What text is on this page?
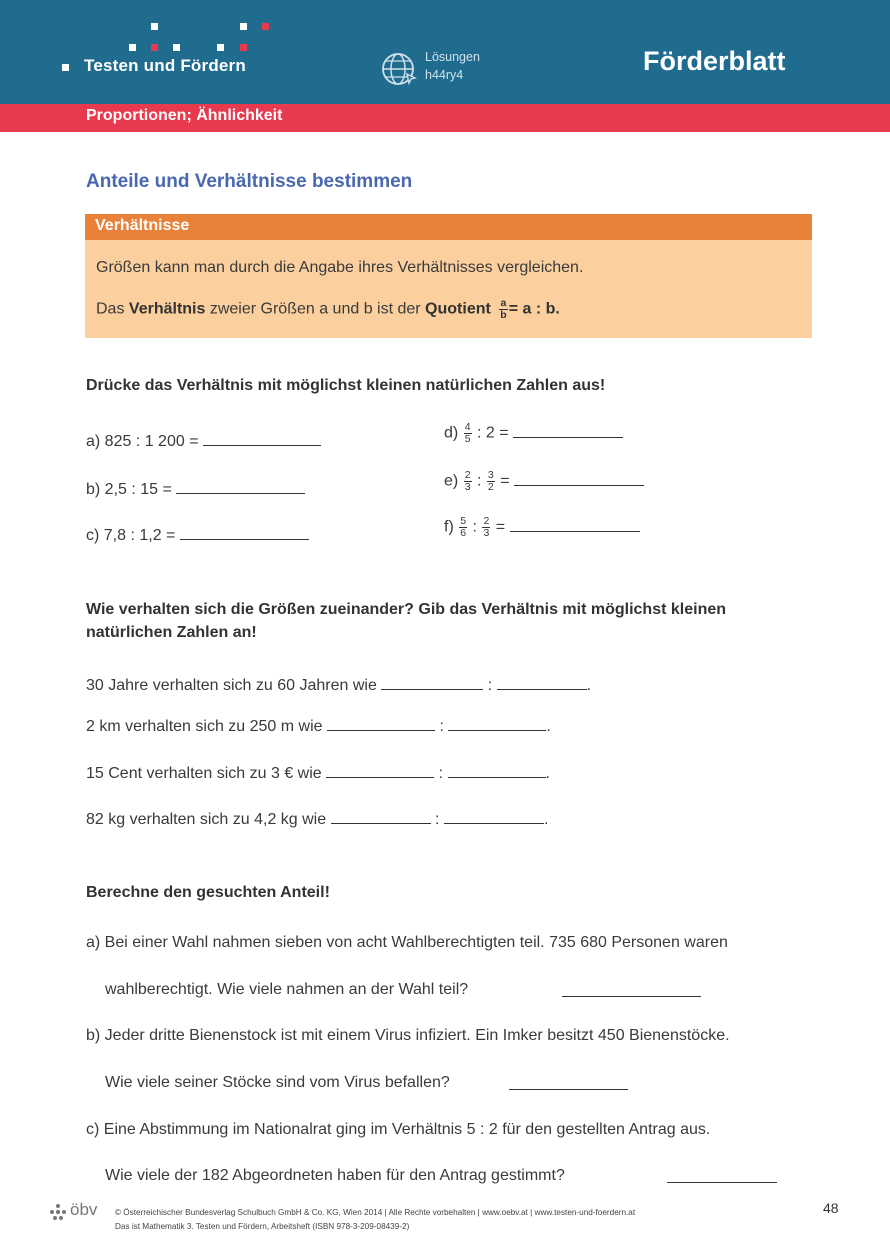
Testen und Fördern	Lösungen
h44ry4	Förderblatt
Proportionen; Ähnlichkeit
Anteile und Verhältnisse bestimmen
Verhältnisse
Größen kann man durch die Angabe ihres Verhältnisses vergleichen.
Das Verhältnis zweier Größen a und b ist der Quotient $\frac{a}{b} = a$ : b.
Drücke das Verhältnis mit möglichst kleinen natürlichen Zahlen aus!
a) 825 : 1 200 =
b) 2,5 : 15 =
c) 7,8 : 1,2 =
$d) \frac{4}{5}$ : 2 =
$e) \frac{2}{3}$ : $\frac{3}{2}$ =
$f) \frac{5}{6}$ : $\frac{2}{3}$ =
Wie verhalten sich die Größen zueinander? Gib das Verhältnis mit möglichst kleinen
natürlichen Zahlen an!
30 Jahre verhalten sich zu 60 Jahren wie	:	.
2 km verhalten sich zu 250 m wie	:	.
15 Cent verhalten sich zu 3 € wie	:	.
82 kg verhalten sich zu 4,2 kg wie	:	.
Berechne den gesuchten Anteil!
a) Bei einer Wahl nahmen sieben von acht Wahlberechtigten teil. 735 680 Personen waren
wahlberechtigt. Wie viele nahmen an der Wahl teil?
b) Jeder dritte Bienenstock ist mit einem Virus infiziert. Ein Imker besitzt 450 Bienenstöcke.
Wie viele seiner Stöcke sind vom Virus befallen?
c) Eine Abstimmung im Nationalrat ging im Verhältnis 5 : 2 für den gestellten Antrag aus.
Wie viele der 182 Abgeordneten haben für den Antrag gestimmt?
öbv © Österreichischer Bundesverlag Schulbuch GmbH & Co. KG, Wien 2014 | Alle Rechte vorbehalten | www.oebv.at | www.testen-und-foerdern.at
Das ist Mathematik 3. Testen und Fördern, Arbeitsheft (ISBN 978-3-209-08439-2)
48
